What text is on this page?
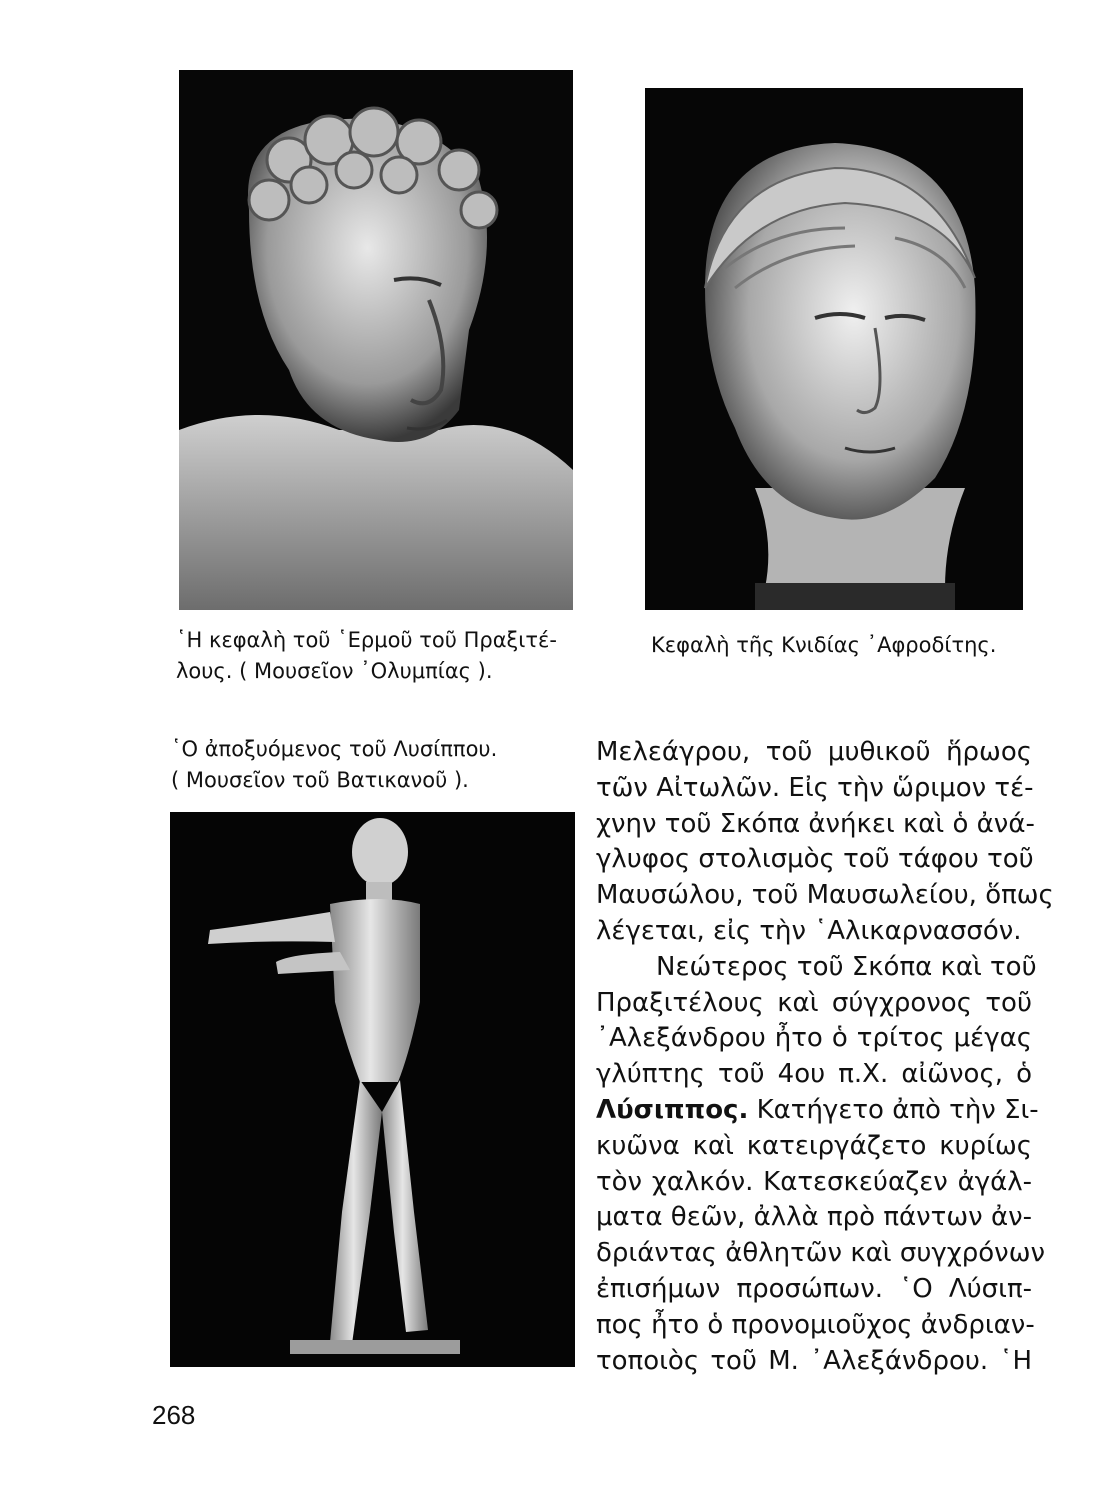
῾Η κεφαλὴ τοῦ ῾Ερμοῦ τοῦ Πραξιτέ-
λους. ( Μουσεῖον ᾿Ολυμπίας ).

Κεφαλὴ τῆς Κνιδίας ᾿Αφροδίτης.

῾Ο ἀποξυόμενος τοῦ Λυσίππου.
( Μουσεῖον τοῦ Βατικανοῦ ).

Μελεάγρου, τοῦ μυθικοῦ ἥρωος
τῶν Αἰτωλῶν. Εἰς τὴν ὥριμον τέ-
χνην τοῦ Σκόπα ἀνήκει καὶ ὁ ἀνά-
γλυφος στολισμὸς τοῦ τάφου τοῦ
Μαυσώλου, τοῦ Μαυσωλείου, ὅπως
λέγεται, εἰς τὴν ῾Αλικαρνασσόν.
Νεώτερος τοῦ Σκόπα καὶ τοῦ
Πραξιτέλους καὶ σύγχρονος τοῦ
᾿Αλεξάνδρου ἦτο ὁ τρίτος μέγας
γλύπτης τοῦ 4ου π.Χ. αἰῶνος, ὁ
Λύσιππος. Κατήγετο ἀπὸ τὴν Σι-
κυῶνα καὶ κατειργάζετο κυρίως
τὸν χαλκόν. Κατεσκεύαζεν ἀγάλ-
ματα θεῶν, ἀλλὰ πρὸ πάντων ἀν-
δριάντας ἀθλητῶν καὶ συγχρόνων
ἐπισήμων προσώπων. ῾Ο Λύσιπ-
πος ἦτο ὁ προνομιοῦχος ἀνδριαν-
τοποιὸς τοῦ Μ. ᾿Αλεξάνδρου. ῾Η

268
